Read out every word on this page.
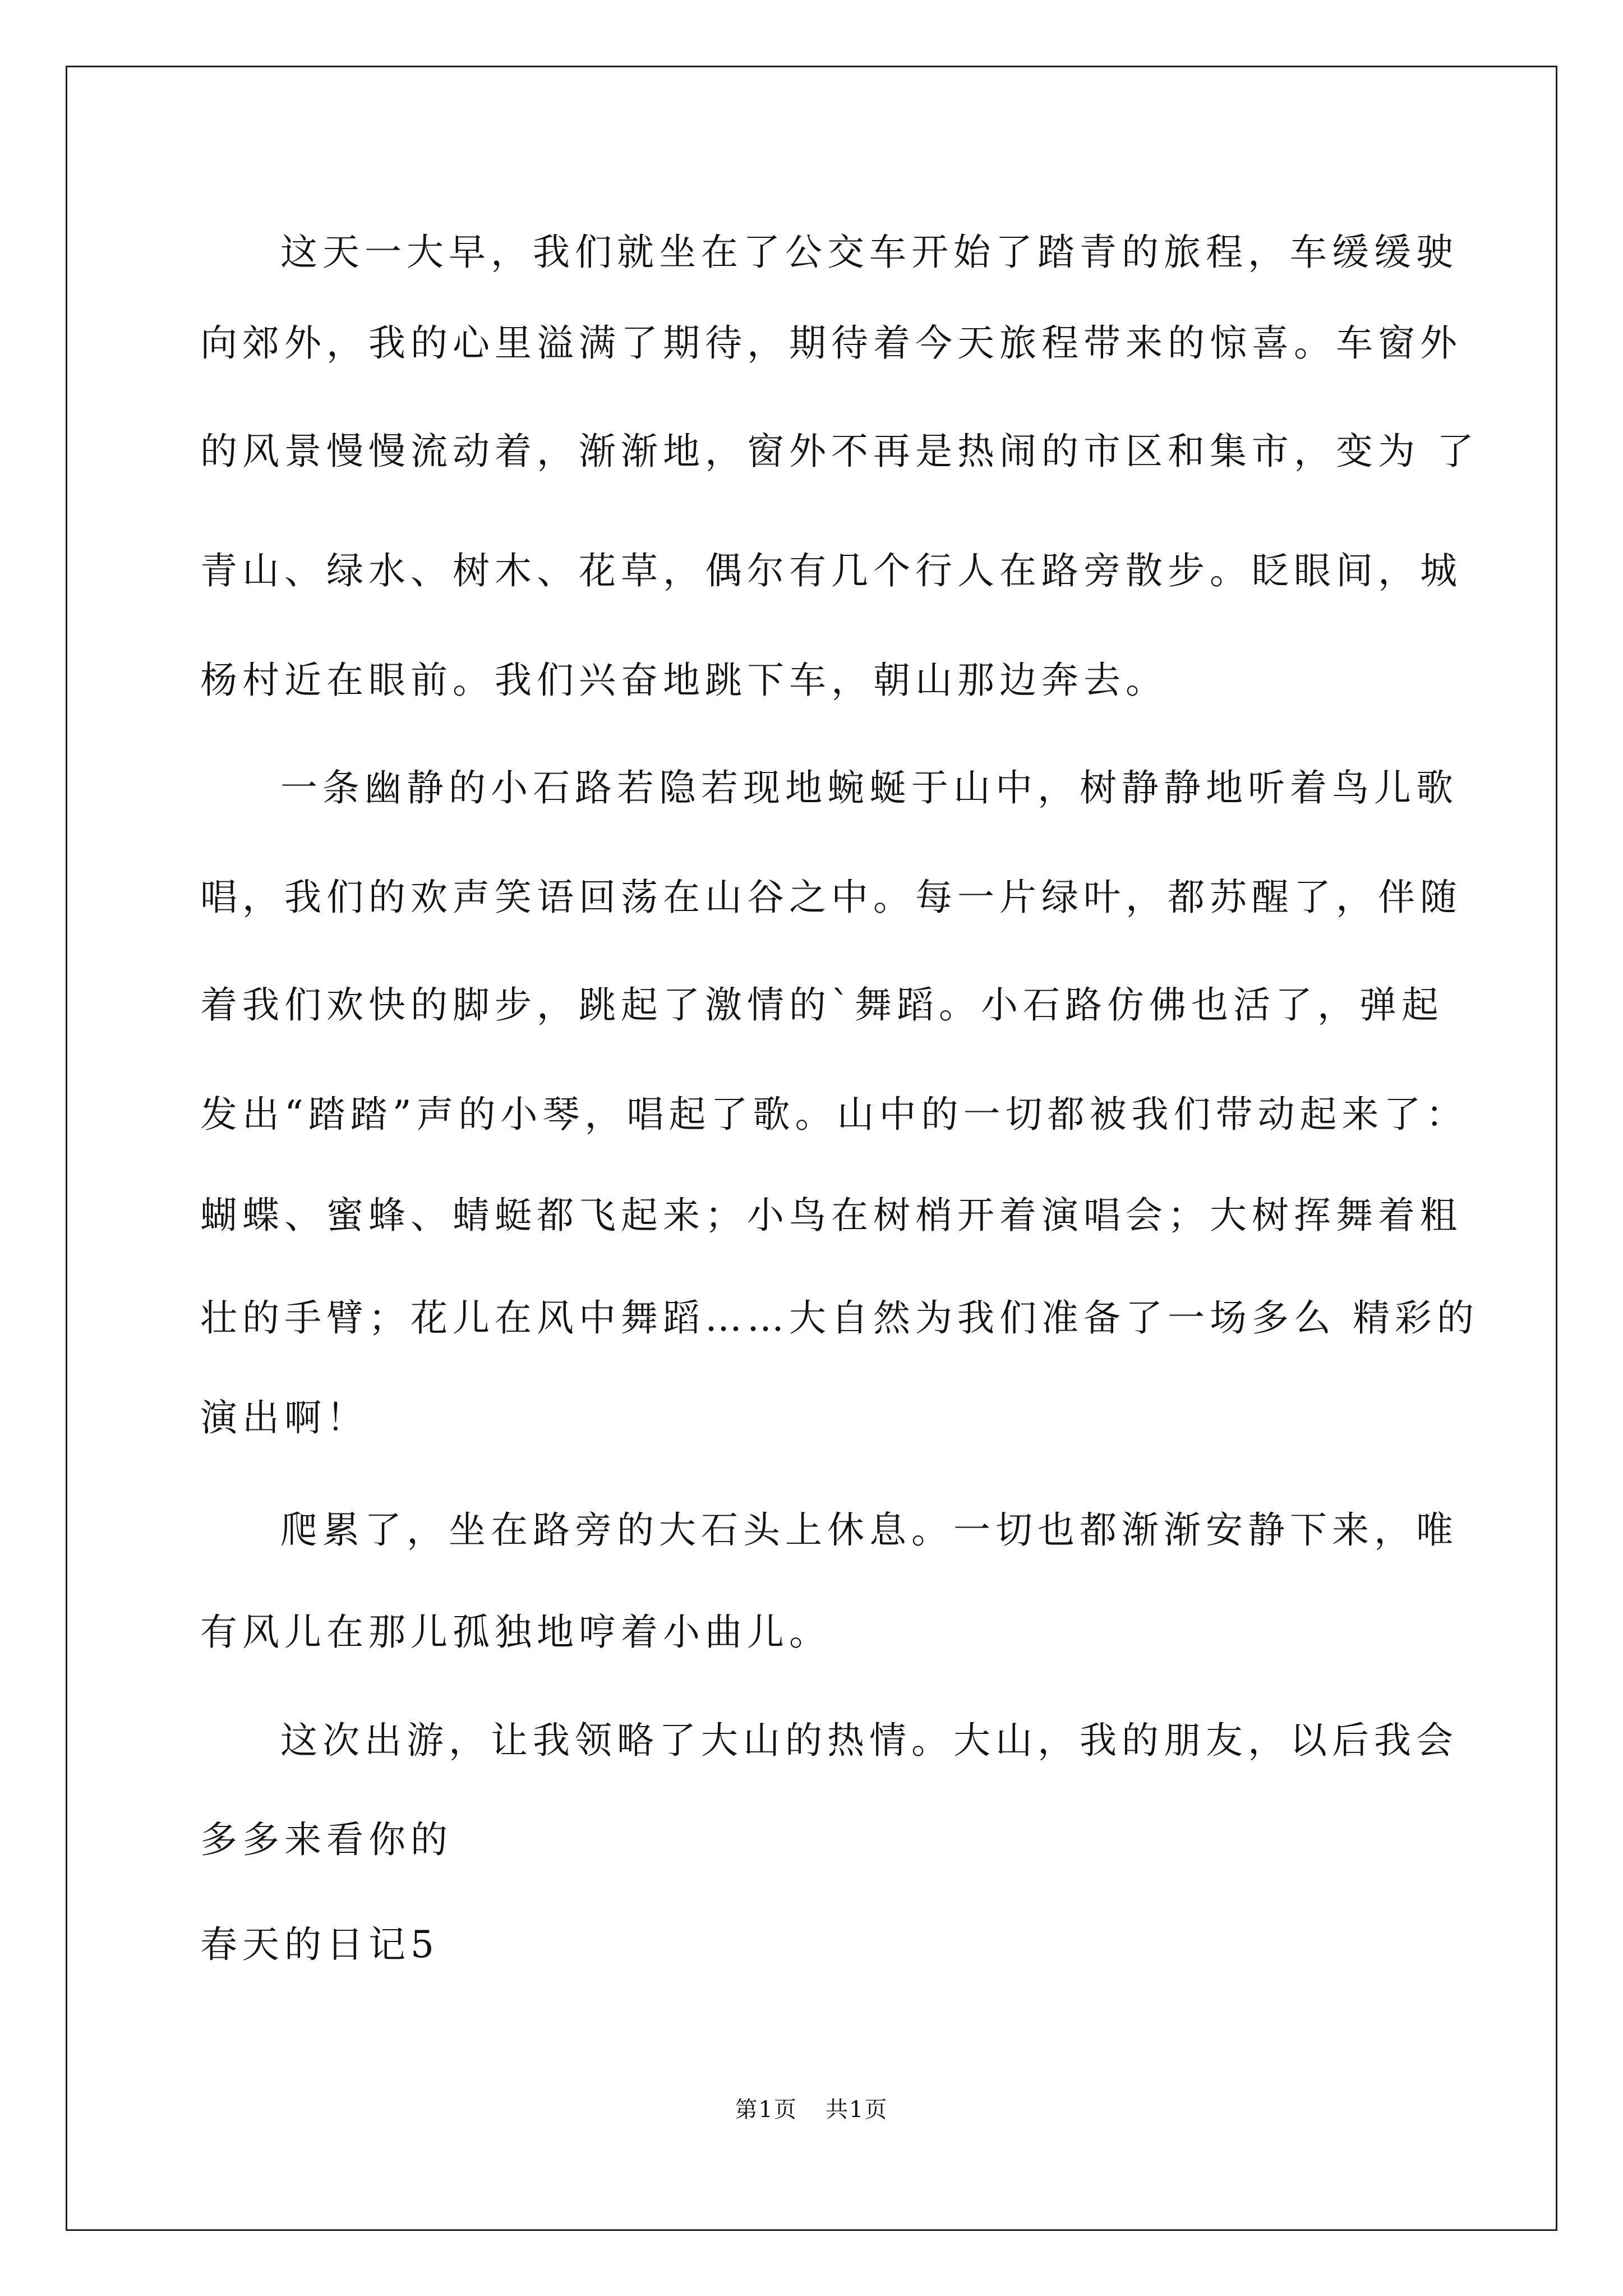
这天一大早，我们就坐在了公交车开始了踏青的旅程，车缓缓驶
向郊外，我的心里溢满了期待，期待着今天旅程带来的惊喜。车窗外
的风景慢慢流动着，渐渐地，窗外不再是热闹的市区和集市，变为 了
青山、绿水、树木、花草，偶尔有几个行人在路旁散步。眨眼间，城
杨村近在眼前。我们兴奋地跳下车，朝山那边奔去。
一条幽静的小石路若隐若现地蜿蜒于山中，树静静地听着鸟儿歌
唱，我们的欢声笑语回荡在山谷之中。每一片绿叶，都苏醒了，伴随
着我们欢快的脚步，跳起了激情的`舞蹈。小石路仿佛也活了，弹起
发出“踏踏”声的小琴，唱起了歌。山中的一切都被我们带动起来了：
蝴蝶、蜜蜂、蜻蜓都飞起来；小鸟在树梢开着演唱会；大树挥舞着粗
壮的手臂；花儿在风中舞蹈……大自然为我们准备了一场多么 精彩的
演出啊！
爬累了，坐在路旁的大石头上休息。一切也都渐渐安静下来，唯
有风儿在那儿孤独地哼着小曲儿。
这次出游，让我领略了大山的热情。大山，我的朋友，以后我会
多多来看你的
春天的日记5
第1页 共1页
